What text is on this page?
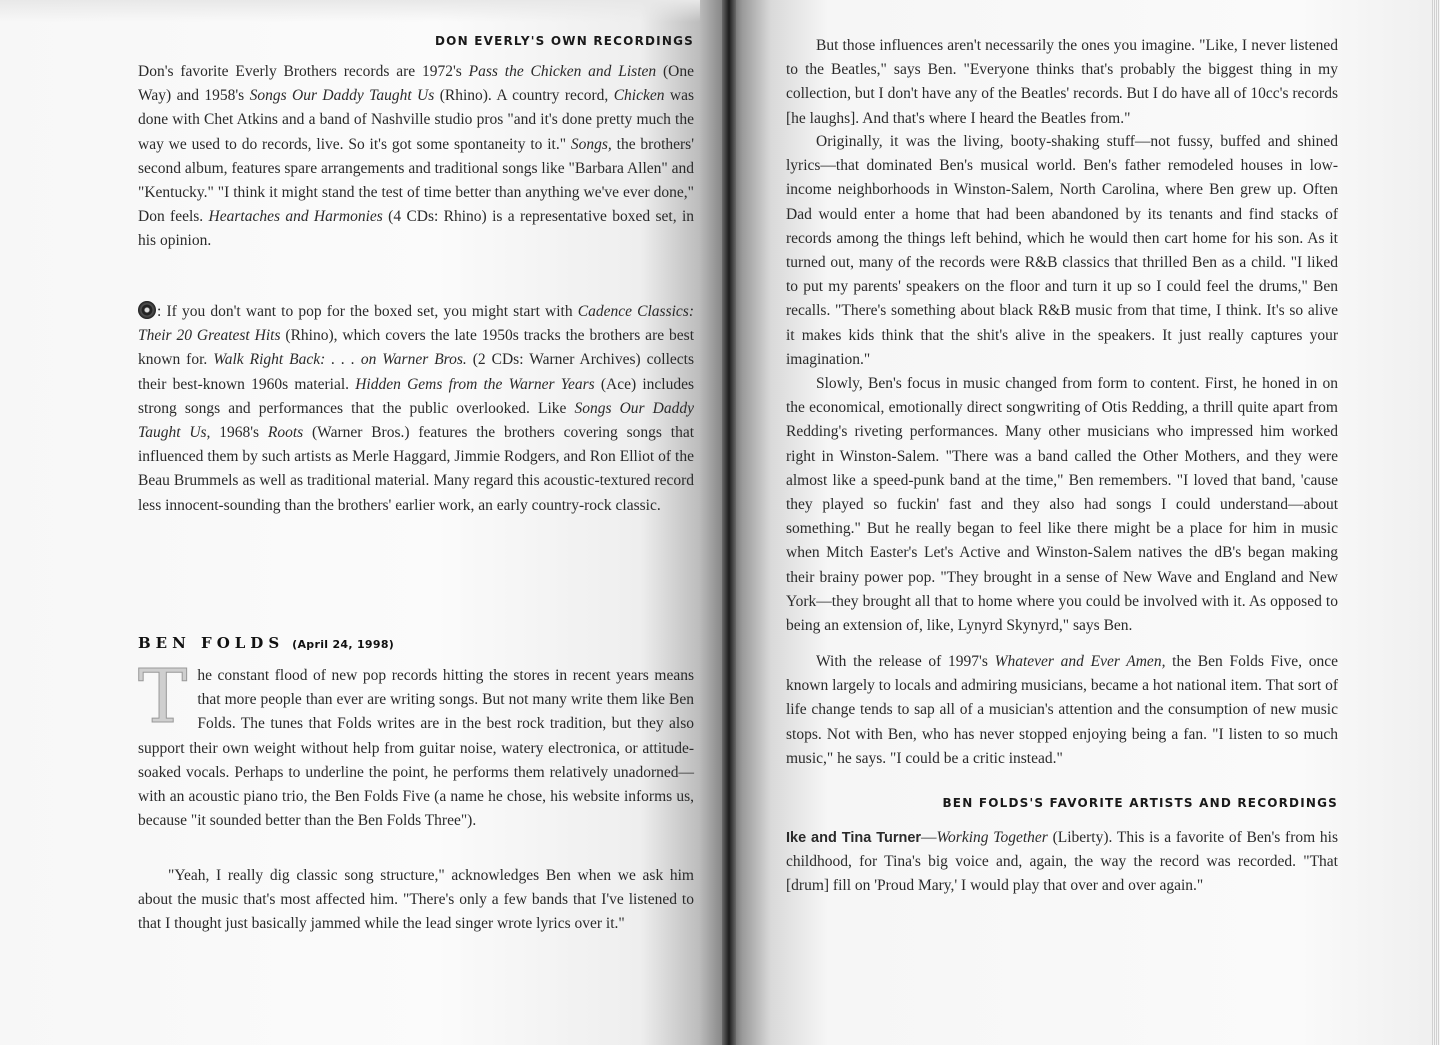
DON EVERLY'S OWN RECORDINGS

Don's favorite Everly Brothers records are 1972's Pass the Chicken and Listen (One Way) and 1958's Songs Our Daddy Taught Us (Rhino). A country record, Chicken was done with Chet Atkins and a band of Nashville studio pros "and it's done pretty much the way we used to do records, live. So it's got some spontaneity to it." Songs, the brothers' second album, features spare arrangements and traditional songs like "Barbara Allen" and "Kentucky." "I think it might stand the test of time better than anything we've ever done," Don feels. Heartaches and Harmonies (4 CDs: Rhino) is a representative boxed set, in his opinion.

: If you don't want to pop for the boxed set, you might start with Cadence Classics: Their 20 Greatest Hits (Rhino), which covers the late 1950s tracks the brothers are best known for. Walk Right Back: . . . on Warner Bros. (2 CDs: Warner Archives) collects their best-known 1960s material. Hidden Gems from the Warner Years (Ace) includes strong songs and performances that the public overlooked. Like Songs Our Daddy Taught Us, 1968's Roots (Warner Bros.) features the brothers covering songs that influenced them by such artists as Merle Haggard, Jimmie Rodgers, and Ron Elliot of the Beau Brummels as well as traditional material. Many regard this acoustic-textured record less innocent-sounding than the brothers' earlier work, an early country-rock classic.

BEN FOLDS (April 24, 1998)
T he constant flood of new pop records hitting the stores in recent years means that more people than ever are writing songs. But not many write them like Ben Folds. The tunes that Folds writes are in the best rock tradition, but they also support their own weight without help from guitar noise, watery electronica, or attitude-soaked vocals. Perhaps to underline the point, he performs them relatively unadorned—with an acoustic piano trio, the Ben Folds Five (a name he chose, his website informs us, because "it sounded better than the Ben Folds Three").

"Yeah, I really dig classic song structure," acknowledges Ben when we ask him about the music that's most affected him. "There's only a few bands that I've listened to that I thought just basically jammed while the lead singer wrote lyrics over it."

But those influences aren't necessarily the ones you imagine. "Like, I never listened to the Beatles," says Ben. "Everyone thinks that's probably the biggest thing in my collection, but I don't have any of the Beatles' records. But I do have all of 10cc's records [he laughs]. And that's where I heard the Beatles from."

Originally, it was the living, booty-shaking stuff—not fussy, buffed and shined lyrics—that dominated Ben's musical world. Ben's father remodeled houses in low-income neighborhoods in Winston-Salem, North Carolina, where Ben grew up. Often Dad would enter a home that had been abandoned by its tenants and find stacks of records among the things left behind, which he would then cart home for his son. As it turned out, many of the records were R&B classics that thrilled Ben as a child. "I liked to put my parents' speakers on the floor and turn it up so I could feel the drums," Ben recalls. "There's something about black R&B music from that time, I think. It's so alive it makes kids think that the shit's alive in the speakers. It just really captures your imagination."

Slowly, Ben's focus in music changed from form to content. First, he honed in on the economical, emotionally direct songwriting of Otis Redding, a thrill quite apart from Redding's riveting performances. Many other musicians who impressed him worked right in Winston-Salem. "There was a band called the Other Mothers, and they were almost like a speed-punk band at the time," Ben remembers. "I loved that band, 'cause they played so fuckin' fast and they also had songs I could understand—about something." But he really began to feel like there might be a place for him in music when Mitch Easter's Let's Active and Winston-Salem natives the dB's began making their brainy power pop. "They brought in a sense of New Wave and England and New York—they brought all that to home where you could be involved with it. As opposed to being an extension of, like, Lynyrd Skynyrd," says Ben.

With the release of 1997's Whatever and Ever Amen, the Ben Folds Five, once known largely to locals and admiring musicians, became a hot national item. That sort of life change tends to sap all of a musician's attention and the consumption of new music stops. Not with Ben, who has never stopped enjoying being a fan. "I listen to so much music," he says. "I could be a critic instead."

BEN FOLDS'S FAVORITE ARTISTS AND RECORDINGS

Ike and Tina Turner—Working Together (Liberty). This is a favorite of Ben's from his childhood, for Tina's big voice and, again, the way the record was recorded. "That [drum] fill on 'Proud Mary,' I would play that over and over again."
